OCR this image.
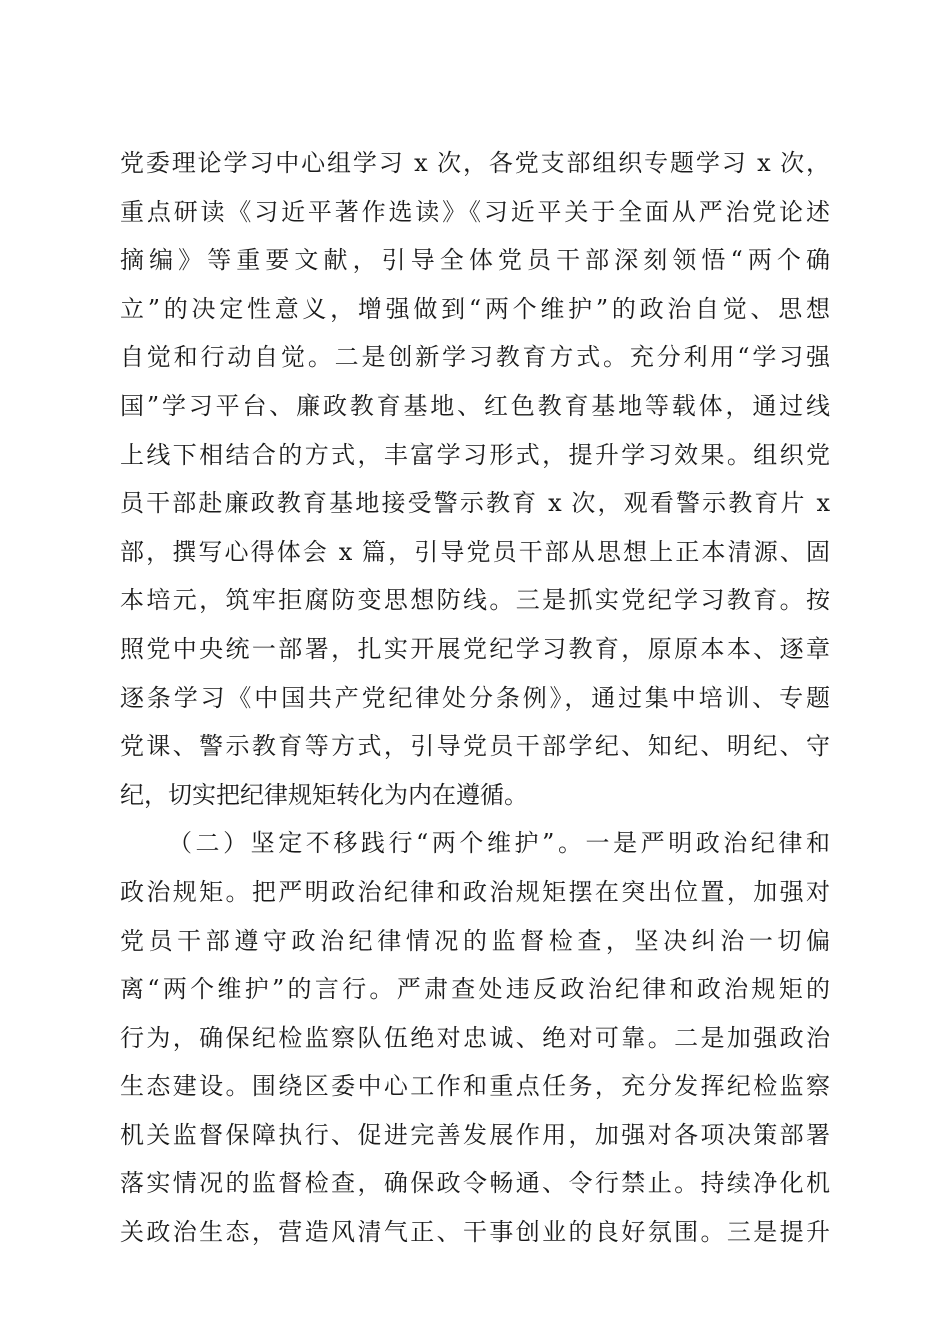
党委理论学习中心组学习 x 次，各党支部组织专题学习 x 次，
重点研读《习近平著作选读》《习近平关于全面从严治党论述
摘编》等重要文献，引导全体党员干部深刻领悟“两个确
立”的决定性意义，增强做到“两个维护”的政治自觉、思想
自觉和行动自觉。二是创新学习教育方式。充分利用“学习强
国”学习平台、廉政教育基地、红色教育基地等载体，通过线
上线下相结合的方式，丰富学习形式，提升学习效果。组织党
员干部赴廉政教育基地接受警示教育 x 次，观看警示教育片 x
部，撰写心得体会 x 篇，引导党员干部从思想上正本清源、固
本培元，筑牢拒腐防变思想防线。三是抓实党纪学习教育。按
照党中央统一部署，扎实开展党纪学习教育，原原本本、逐章
逐条学习《中国共产党纪律处分条例》，通过集中培训、专题
党课、警示教育等方式，引导党员干部学纪、知纪、明纪、守
纪，切实把纪律规矩转化为内在遵循。
（二）坚定不移践行“两个维护”。一是严明政治纪律和
政治规矩。把严明政治纪律和政治规矩摆在突出位置，加强对
党员干部遵守政治纪律情况的监督检查，坚决纠治一切偏
离“两个维护”的言行。严肃查处违反政治纪律和政治规矩的
行为，确保纪检监察队伍绝对忠诚、绝对可靠。二是加强政治
生态建设。围绕区委中心工作和重点任务，充分发挥纪检监察
机关监督保障执行、促进完善发展作用，加强对各项决策部署
落实情况的监督检查，确保政令畅通、令行禁止。持续净化机
关政治生态，营造风清气正、干事创业的良好氛围。三是提升
